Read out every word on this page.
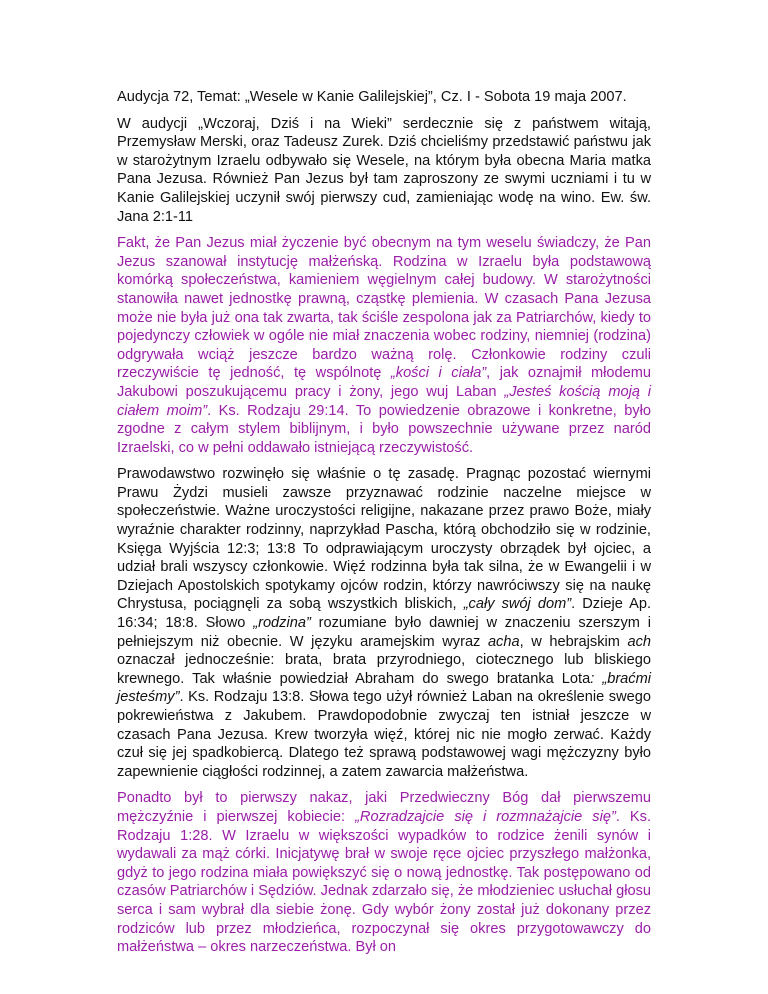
Audycja 72, Temat: „Wesele w Kanie Galilejskiej”, Cz. I - Sobota 19 maja 2007.

W audycji „Wczoraj, Dziś i na Wieki” serdecznie się z państwem witają, Przemysław Merski, oraz Tadeusz Zurek. Dziś chcieliśmy przedstawić państwu jak w starożytnym Izraelu odbywało się Wesele, na którym była obecna Maria matka Pana Jezusa. Również Pan Jezus był tam zaproszony ze swymi uczniami i tu w Kanie Galilejskiej uczynił swój pierwszy cud, zamieniając wodę na wino. Ew. św. Jana 2:1-11

Fakt, że Pan Jezus miał życzenie być obecnym na tym weselu świadczy, że Pan Jezus szanował instytucję małżeńską. Rodzina w Izraelu była podstawową komórką społeczeństwa, kamieniem węgielnym całej budowy. W starożytności stanowiła nawet jednostkę prawną, cząstkę plemienia. W czasach Pana Jezusa może nie była już ona tak zwarta, tak ściśle zespolona jak za Patriarchów, kiedy to pojedynczy człowiek w ogóle nie miał znaczenia wobec rodziny, niemniej (rodzina) odgrywała wciąż jeszcze bardzo ważną rolę. Członkowie rodziny czuli rzeczywiście tę jedność, tę wspólnotę „kości i ciała”, jak oznajmił młodemu Jakubowi poszukującemu pracy i żony, jego wuj Laban „Jesteś kością moją i ciałem moim”. Ks. Rodzaju 29:14. To powiedzenie obrazowe i konkretne, było zgodne z całym stylem biblijnym, i było powszechnie używane przez naród Izraelski, co w pełni oddawało istniejącą rzeczywistość.

Prawodawstwo rozwinęło się właśnie o tę zasadę. Pragnąc pozostać wiernymi Prawu Żydzi musieli zawsze przyznawać rodzinie naczelne miejsce w społeczeństwie. Ważne uroczystości religijne, nakazane przez prawo Boże, miały wyraźnie charakter rodzinny, naprzykład Pascha, którą obchodziło się w rodzinie, Księga Wyjścia 12:3; 13:8 To odprawiającym uroczysty obrządek był ojciec, a udział brali wszyscy członkowie. Więź rodzinna była tak silna, że w Ewangelii i w Dziejach Apostolskich spotykamy ojców rodzin, którzy nawróciwszy się na naukę Chrystusa, pociągnęli za sobą wszystkich bliskich, „cały swój dom”. Dzieje Ap. 16:34; 18:8. Słowo „rodzina” rozumiane było dawniej w znaczeniu szerszym i pełniejszym niż obecnie. W języku aramejskim wyraz acha, w hebrajskim ach oznaczał jednocześnie: brata, brata przyrodniego, ciotecznego lub bliskiego krewnego. Tak właśnie powiedział Abraham do swego bratanka Lota: „braćmi jesteśmy”. Ks. Rodzaju 13:8. Słowa tego użył również Laban na określenie swego pokrewieństwa z Jakubem. Prawdopodobnie zwyczaj ten istniał jeszcze w czasach Pana Jezusa. Krew tworzyła więź, której nic nie mogło zerwać. Każdy czuł się jej spadkobiercą. Dlatego też sprawą podstawowej wagi mężczyzny było zapewnienie ciągłości rodzinnej, a zatem zawarcia małżeństwa.

Ponadto był to pierwszy nakaz, jaki Przedwieczny Bóg dał pierwszemu mężczyźnie i pierwszej kobiecie: „Rozradzajcie się i rozmnażajcie się”. Ks. Rodzaju 1:28. W Izraelu w większości wypadków to rodzice żenili synów i wydawali za mąż córki. Inicjatywę brał w swoje ręce ojciec przyszłego małżonka, gdyż to jego rodzina miała powiększyć się o nową jednostkę. Tak postępowano od czasów Patriarchów i Sędziów. Jednak zdarzało się, że młodzieniec usłuchał głosu serca i sam wybrał dla siebie żonę. Gdy wybór żony został już dokonany przez rodziców lub przez młodzieńca, rozpoczynał się okres przygotowawczy do małżeństwa – okres narzeczeństwa. Był on
